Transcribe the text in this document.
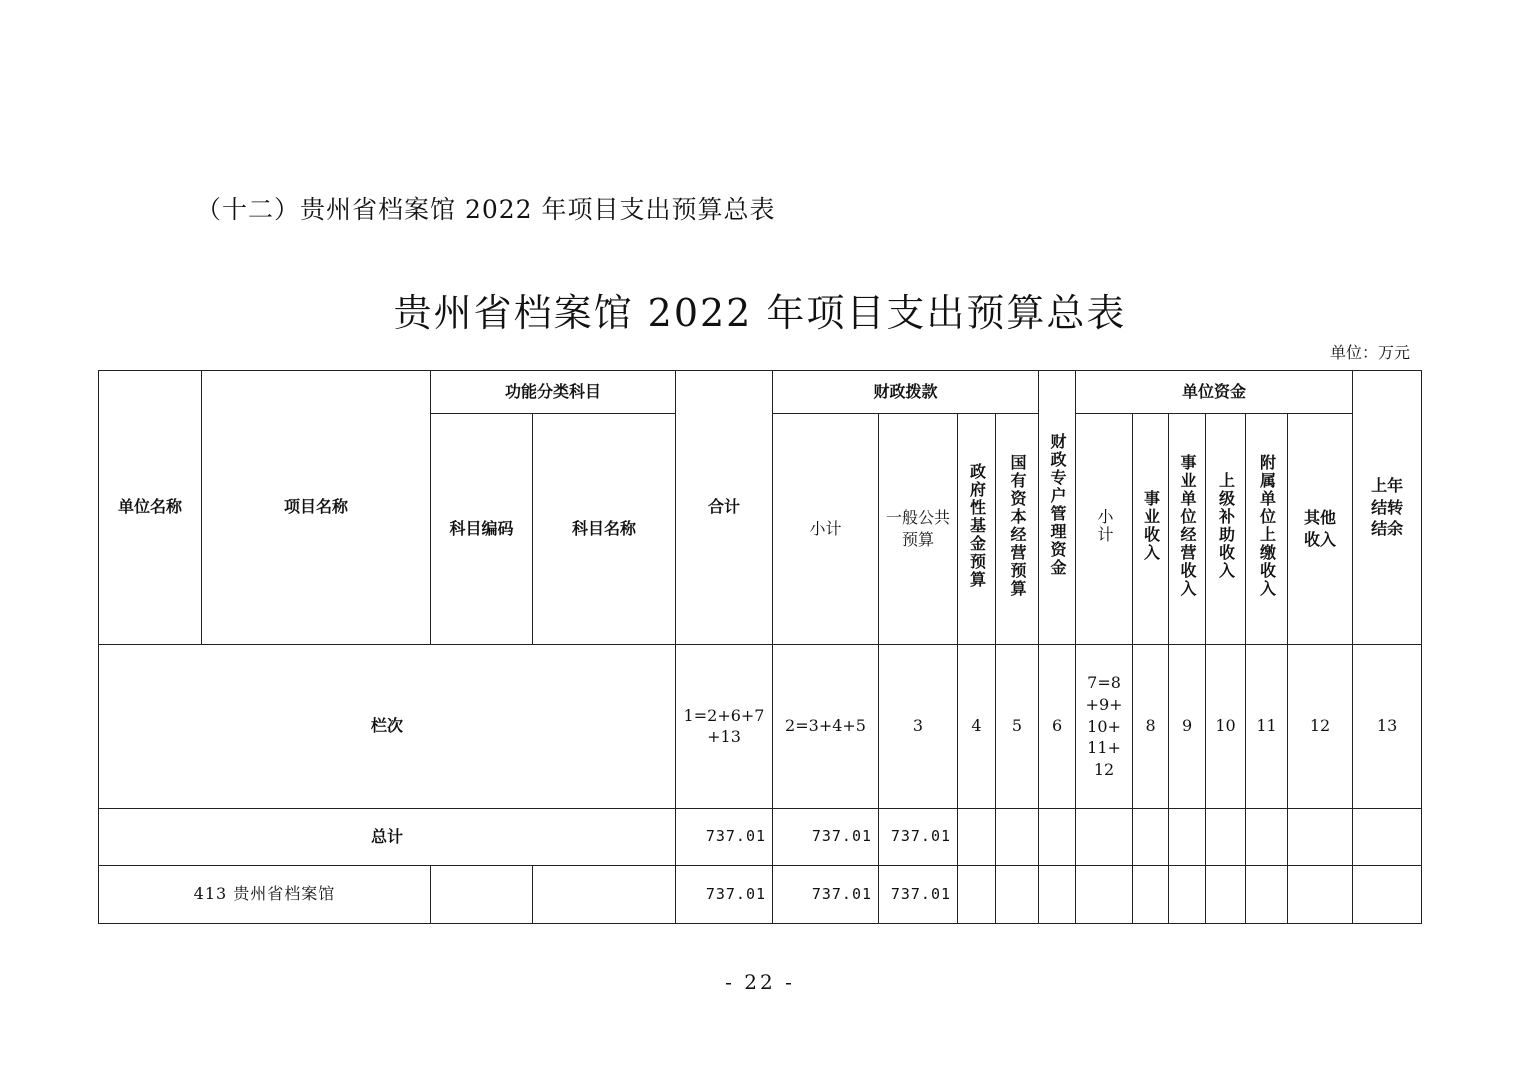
（十二）贵州省档案馆 2022 年项目支出预算总表
贵州省档案馆 2022 年项目支出预算总表
单位：万元
单位名称	项目名称	功能分类科目		合计	财政拨款				财政专户管理资金	单位资金						上年结转结余
		科目编码	科目名称		小计	一般公共预算	政府性基金预算	国有资本经营预算		小计	事业收入	事业单位经营收入	上级补助收入	附属单位上缴收入	其他收入	
栏次				1=2+6+7+13	2=3+4+5	3	4	5	6	7=8+9+10+11+12	8	9	10	11	12	13
总计				737.01	737.01	737.01										
413 贵州省档案馆				737.01	737.01	737.01										
- 22 -
